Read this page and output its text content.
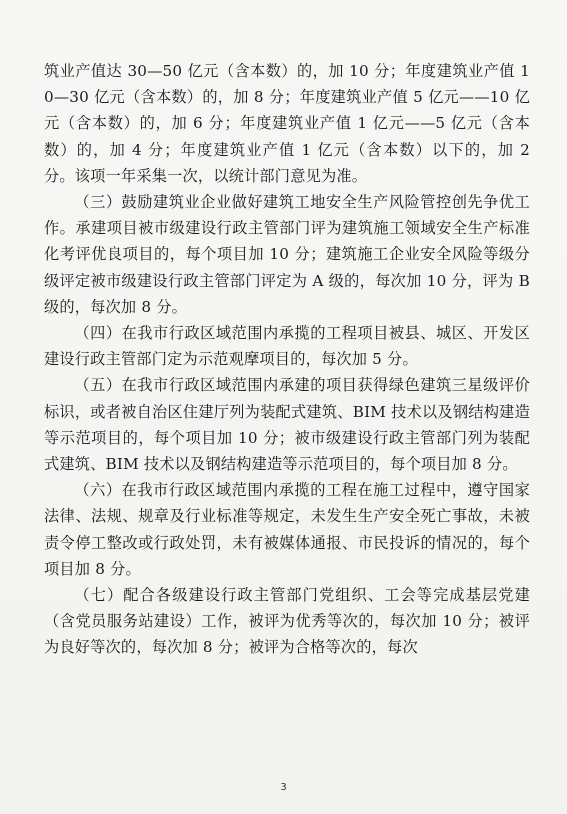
筑业产值达 30—50 亿元（含本数）的，加 10 分；年度建筑业产值 10—30 亿元（含本数）的，加 8 分；年度建筑业产值 5 亿元——10 亿元（含本数）的，加 6 分；年度建筑业产值 1 亿元——5 亿元（含本数）的，加 4 分；年度建筑业产值 1 亿元（含本数）以下的，加 2 分。该项一年采集一次，以统计部门意见为准。

（三）鼓励建筑业企业做好建筑工地安全生产风险管控创先争优工作。承建项目被市级建设行政主管部门评为建筑施工领域安全生产标准化考评优良项目的，每个项目加 10 分；建筑施工企业安全风险等级分级评定被市级建设行政主管部门评定为 A 级的，每次加 10 分，评为 B 级的，每次加 8 分。

（四）在我市行政区域范围内承揽的工程项目被县、城区、开发区建设行政主管部门定为示范观摩项目的，每次加 5 分。

（五）在我市行政区域范围内承建的项目获得绿色建筑三星级评价标识，或者被自治区住建厅列为装配式建筑、BIM 技术以及钢结构建造等示范项目的，每个项目加 10 分；被市级建设行政主管部门列为装配式建筑、BIM 技术以及钢结构建造等示范项目的，每个项目加 8 分。

（六）在我市行政区域范围内承揽的工程在施工过程中，遵守国家法律、法规、规章及行业标准等规定，未发生生产安全死亡事故，未被责令停工整改或行政处罚，未有被媒体通报、市民投诉的情况的，每个项目加 8 分。

（七）配合各级建设行政主管部门党组织、工会等完成基层党建（含党员服务站建设）工作，被评为优秀等次的，每次加 10 分；被评为良好等次的，每次加 8 分；被评为合格等次的，每次

3
